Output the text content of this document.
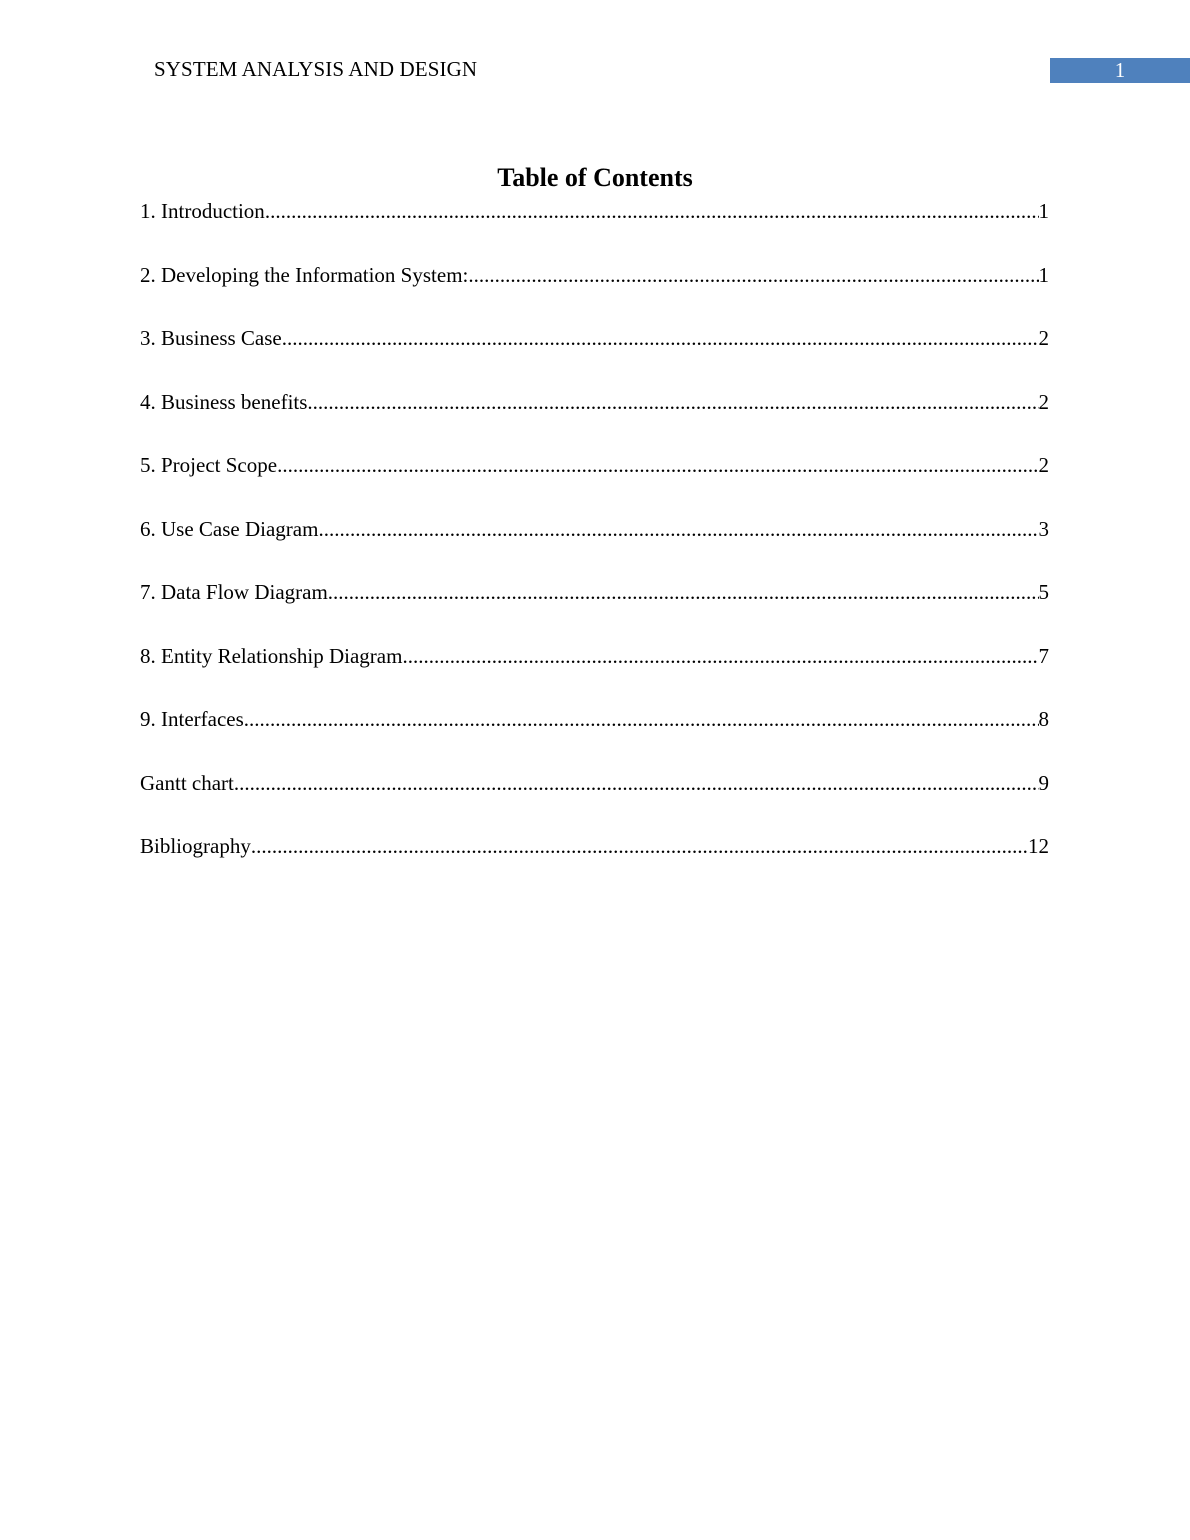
SYSTEM ANALYSIS AND DESIGN	1
Table of Contents
1. Introduction .....	1
2. Developing the Information System: .....	1
3. Business Case .....	2
4. Business benefits .....	2
5. Project Scope .....	2
6. Use Case Diagram .....	3
7. Data Flow Diagram .....	5
8. Entity Relationship Diagram .....	7
9. Interfaces .....	8
Gantt chart .....	9
Bibliography .....	12
